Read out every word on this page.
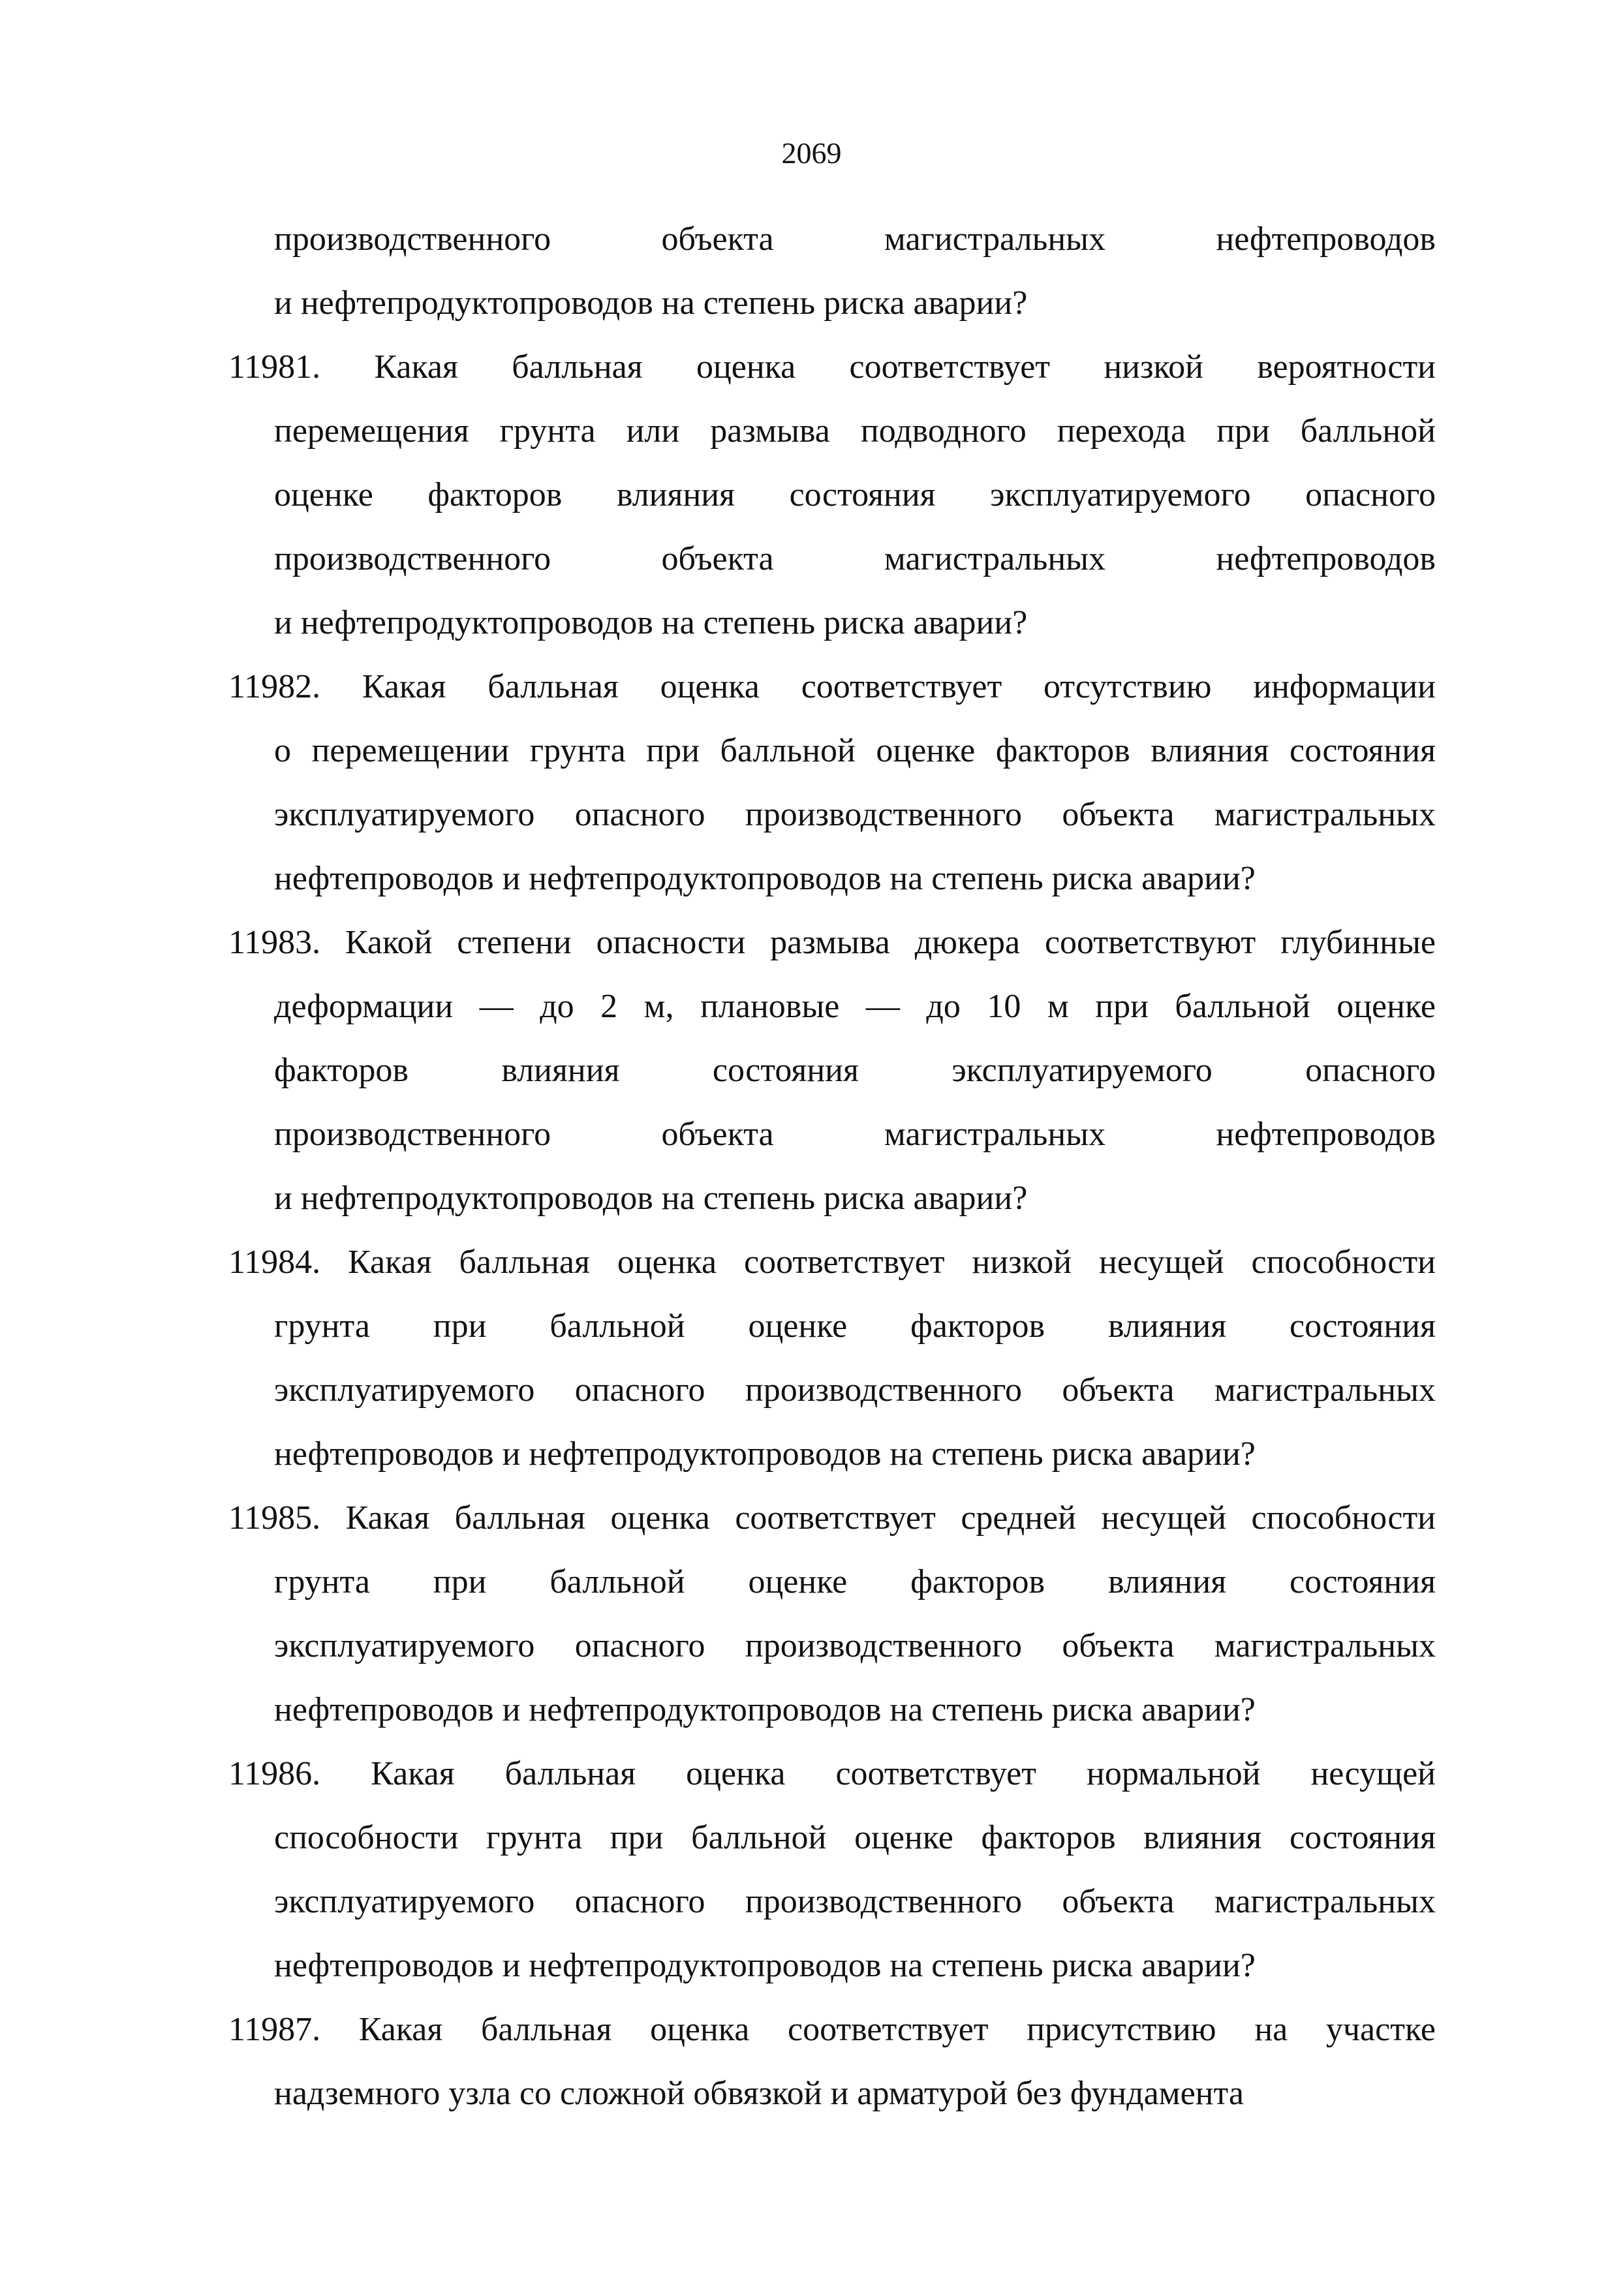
2069
производственного объекта магистральных нефтепроводов
и нефтепродуктопроводов на степень риска аварии?
11981. Какая балльная оценка соответствует низкой вероятности
перемещения грунта или размыва подводного перехода при балльной
оценке факторов влияния состояния эксплуатируемого опасного
производственного объекта магистральных нефтепроводов
и нефтепродуктопроводов на степень риска аварии?
11982. Какая балльная оценка соответствует отсутствию информации
о перемещении грунта при балльной оценке факторов влияния состояния
эксплуатируемого опасного производственного объекта магистральных
нефтепроводов и нефтепродуктопроводов на степень риска аварии?
11983. Какой степени опасности размыва дюкера соответствуют глубинные
деформации — до 2 м, плановые — до 10 м при балльной оценке
факторов влияния состояния эксплуатируемого опасного
производственного объекта магистральных нефтепроводов
и нефтепродуктопроводов на степень риска аварии?
11984. Какая балльная оценка соответствует низкой несущей способности
грунта при балльной оценке факторов влияния состояния
эксплуатируемого опасного производственного объекта магистральных
нефтепроводов и нефтепродуктопроводов на степень риска аварии?
11985. Какая балльная оценка соответствует средней несущей способности
грунта при балльной оценке факторов влияния состояния
эксплуатируемого опасного производственного объекта магистральных
нефтепроводов и нефтепродуктопроводов на степень риска аварии?
11986. Какая балльная оценка соответствует нормальной несущей
способности грунта при балльной оценке факторов влияния состояния
эксплуатируемого опасного производственного объекта магистральных
нефтепроводов и нефтепродуктопроводов на степень риска аварии?
11987. Какая балльная оценка соответствует присутствию на участке
надземного узла со сложной обвязкой и арматурой без фундамента
